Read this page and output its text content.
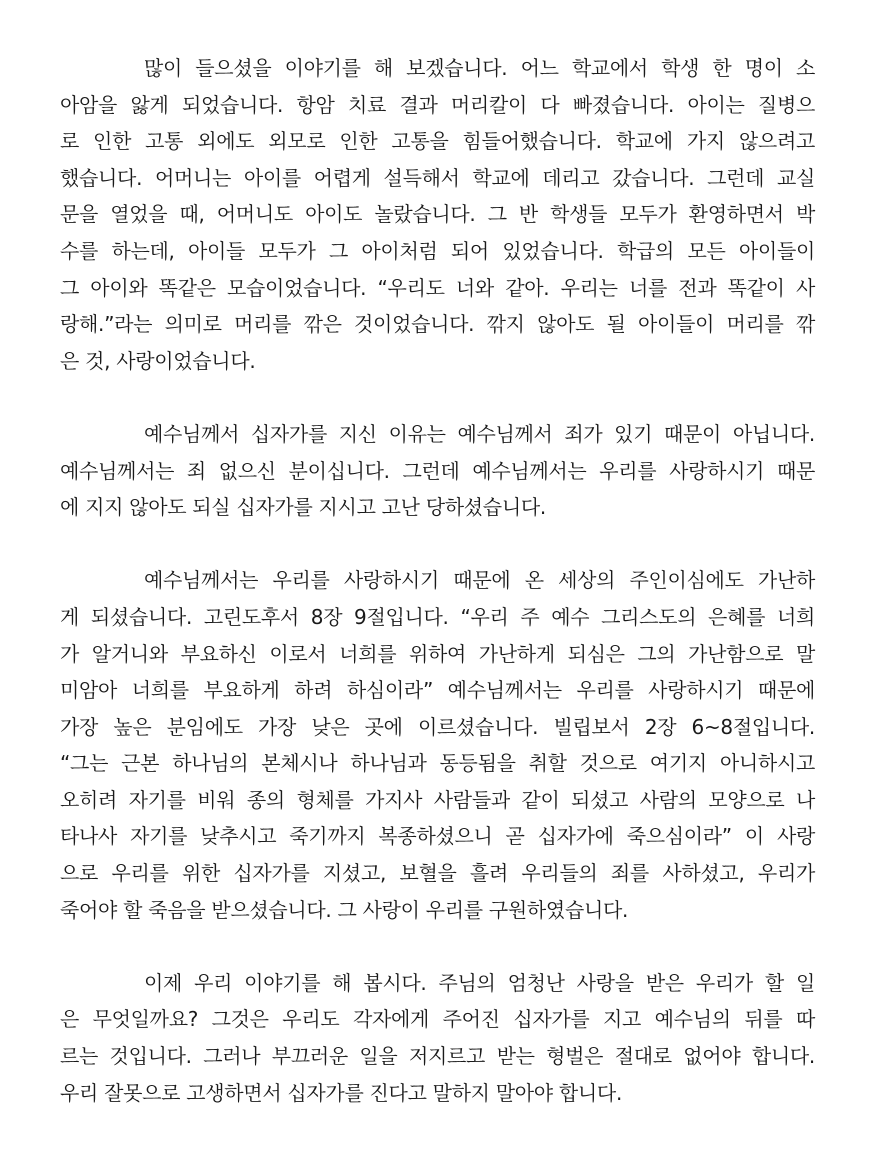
많이 들으셨을 이야기를 해 보겠습니다. 어느 학교에서 학생 한 명이 소
아암을 앓게 되었습니다. 항암 치료 결과 머리칼이 다 빠졌습니다. 아이는 질병으
로 인한 고통 외에도 외모로 인한 고통을 힘들어했습니다. 학교에 가지 않으려고
했습니다. 어머니는 아이를 어렵게 설득해서 학교에 데리고 갔습니다. 그런데 교실
문을 열었을 때, 어머니도 아이도 놀랐습니다. 그 반 학생들 모두가 환영하면서 박
수를 하는데, 아이들 모두가 그 아이처럼 되어 있었습니다. 학급의 모든 아이들이
그 아이와 똑같은 모습이었습니다. “우리도 너와 같아. 우리는 너를 전과 똑같이 사
랑해.”라는 의미로 머리를 깎은 것이었습니다. 깎지 않아도 될 아이들이 머리를 깎
은 것, 사랑이었습니다.
예수님께서 십자가를 지신 이유는 예수님께서 죄가 있기 때문이 아닙니다.
예수님께서는 죄 없으신 분이십니다. 그런데 예수님께서는 우리를 사랑하시기 때문
에 지지 않아도 되실 십자가를 지시고 고난 당하셨습니다.
예수님께서는 우리를 사랑하시기 때문에 온 세상의 주인이심에도 가난하
게 되셨습니다. 고린도후서 8장 9절입니다. “우리 주 예수 그리스도의 은혜를 너희
가 알거니와 부요하신 이로서 너희를 위하여 가난하게 되심은 그의 가난함으로 말
미암아 너희를 부요하게 하려 하심이라” 예수님께서는 우리를 사랑하시기 때문에
가장 높은 분임에도 가장 낮은 곳에 이르셨습니다. 빌립보서 2장 6~8절입니다.
“그는 근본 하나님의 본체시나 하나님과 동등됨을 취할 것으로 여기지 아니하시고
오히려 자기를 비워 종의 형체를 가지사 사람들과 같이 되셨고 사람의 모양으로 나
타나사 자기를 낮추시고 죽기까지 복종하셨으니 곧 십자가에 죽으심이라” 이 사랑
으로 우리를 위한 십자가를 지셨고, 보혈을 흘려 우리들의 죄를 사하셨고, 우리가
죽어야 할 죽음을 받으셨습니다. 그 사랑이 우리를 구원하였습니다.
이제 우리 이야기를 해 봅시다. 주님의 엄청난 사랑을 받은 우리가 할 일
은 무엇일까요? 그것은 우리도 각자에게 주어진 십자가를 지고 예수님의 뒤를 따
르는 것입니다. 그러나 부끄러운 일을 저지르고 받는 형벌은 절대로 없어야 합니다.
우리 잘못으로 고생하면서 십자가를 진다고 말하지 말아야 합니다.
